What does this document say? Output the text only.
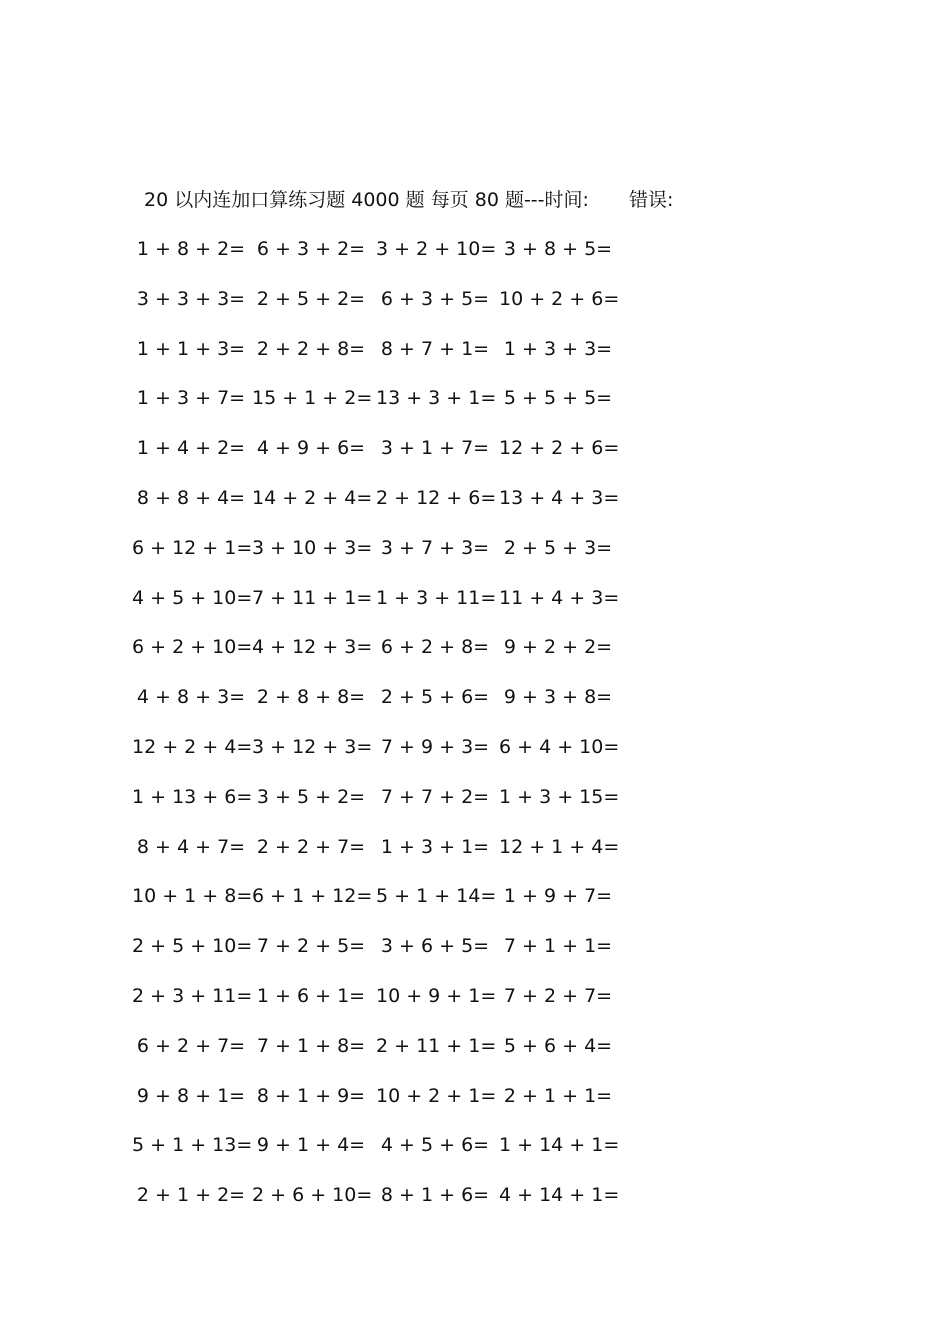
20 以内连加口算练习题 4000 题 每页 80 题---时间: 错误:
1 + 8 + 2= 6 + 3 + 2= 3 + 2 + 10= 3 + 8 + 5=
3 + 3 + 3= 2 + 5 + 2= 6 + 3 + 5= 10 + 2 + 6=
1 + 1 + 3= 2 + 2 + 8= 8 + 7 + 1= 1 + 3 + 3=
1 + 3 + 7= 15 + 1 + 2= 13 + 3 + 1= 5 + 5 + 5=
1 + 4 + 2= 4 + 9 + 6= 3 + 1 + 7= 12 + 2 + 6=
8 + 8 + 4= 14 + 2 + 4= 2 + 12 + 6= 13 + 4 + 3=
6 + 12 + 1= 3 + 10 + 3= 3 + 7 + 3= 2 + 5 + 3=
4 + 5 + 10= 7 + 11 + 1= 1 + 3 + 11= 11 + 4 + 3=
6 + 2 + 10= 4 + 12 + 3= 6 + 2 + 8= 9 + 2 + 2=
4 + 8 + 3= 2 + 8 + 8= 2 + 5 + 6= 9 + 3 + 8=
12 + 2 + 4= 3 + 12 + 3= 7 + 9 + 3= 6 + 4 + 10=
1 + 13 + 6= 3 + 5 + 2= 7 + 7 + 2= 1 + 3 + 15=
8 + 4 + 7= 2 + 2 + 7= 1 + 3 + 1= 12 + 1 + 4=
10 + 1 + 8= 6 + 1 + 12= 5 + 1 + 14= 1 + 9 + 7=
2 + 5 + 10= 7 + 2 + 5= 3 + 6 + 5= 7 + 1 + 1=
2 + 3 + 11= 1 + 6 + 1= 10 + 9 + 1= 7 + 2 + 7=
6 + 2 + 7= 7 + 1 + 8= 2 + 11 + 1= 5 + 6 + 4=
9 + 8 + 1= 8 + 1 + 9= 10 + 2 + 1= 2 + 1 + 1=
5 + 1 + 13= 9 + 1 + 4= 4 + 5 + 6= 1 + 14 + 1=
2 + 1 + 2= 2 + 6 + 10= 8 + 1 + 6= 4 + 14 + 1=
